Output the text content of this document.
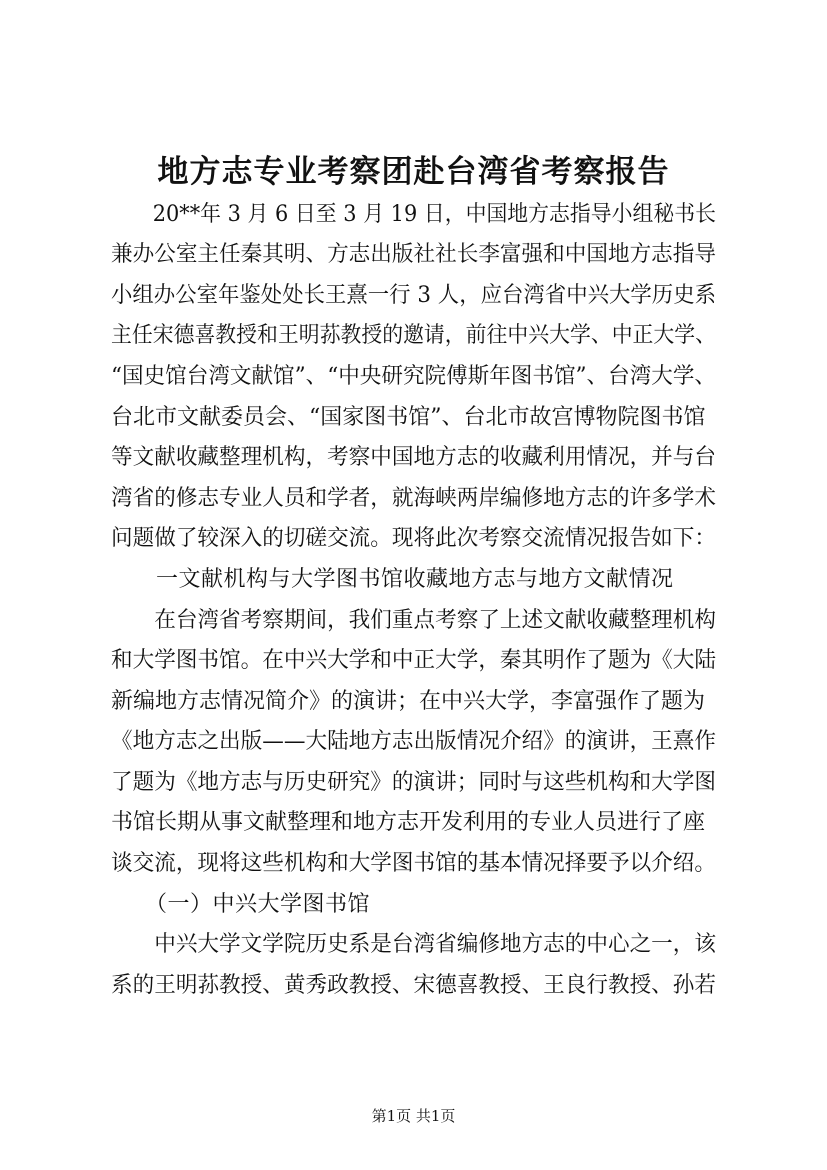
地方志专业考察团赴台湾省考察报告
　　20**年 3 月 6 日至 3 月 19 日，中国地方志指导小组秘书长
兼办公室主任秦其明、方志出版社社长李富强和中国地方志指导
小组办公室年鉴处处长王熹一行 3 人，应台湾省中兴大学历史系
主任宋德喜教授和王明荪教授的邀请，前往中兴大学、中正大学、
“国史馆台湾文献馆”、“中央研究院傅斯年图书馆”、台湾大学、
台北市文献委员会、“国家图书馆”、台北市故宫博物院图书馆
等文献收藏整理机构，考察中国地方志的收藏利用情况，并与台
湾省的修志专业人员和学者，就海峡两岸编修地方志的许多学术
问题做了较深入的切磋交流。现将此次考察交流情况报告如下：
　　一文献机构与大学图书馆收藏地方志与地方文献情况
　　在台湾省考察期间，我们重点考察了上述文献收藏整理机构
和大学图书馆。在中兴大学和中正大学，秦其明作了题为《大陆
新编地方志情况简介》的演讲；在中兴大学，李富强作了题为
《地方志之出版——大陆地方志出版情况介绍》的演讲，王熹作
了题为《地方志与历史研究》的演讲；同时与这些机构和大学图
书馆长期从事文献整理和地方志开发利用的专业人员进行了座
谈交流，现将这些机构和大学图书馆的基本情况择要予以介绍。
　　（一）中兴大学图书馆
　　中兴大学文学院历史系是台湾省编修地方志的中心之一，该
系的王明荪教授、黄秀政教授、宋德喜教授、王良行教授、孙若
第1页 共1页
